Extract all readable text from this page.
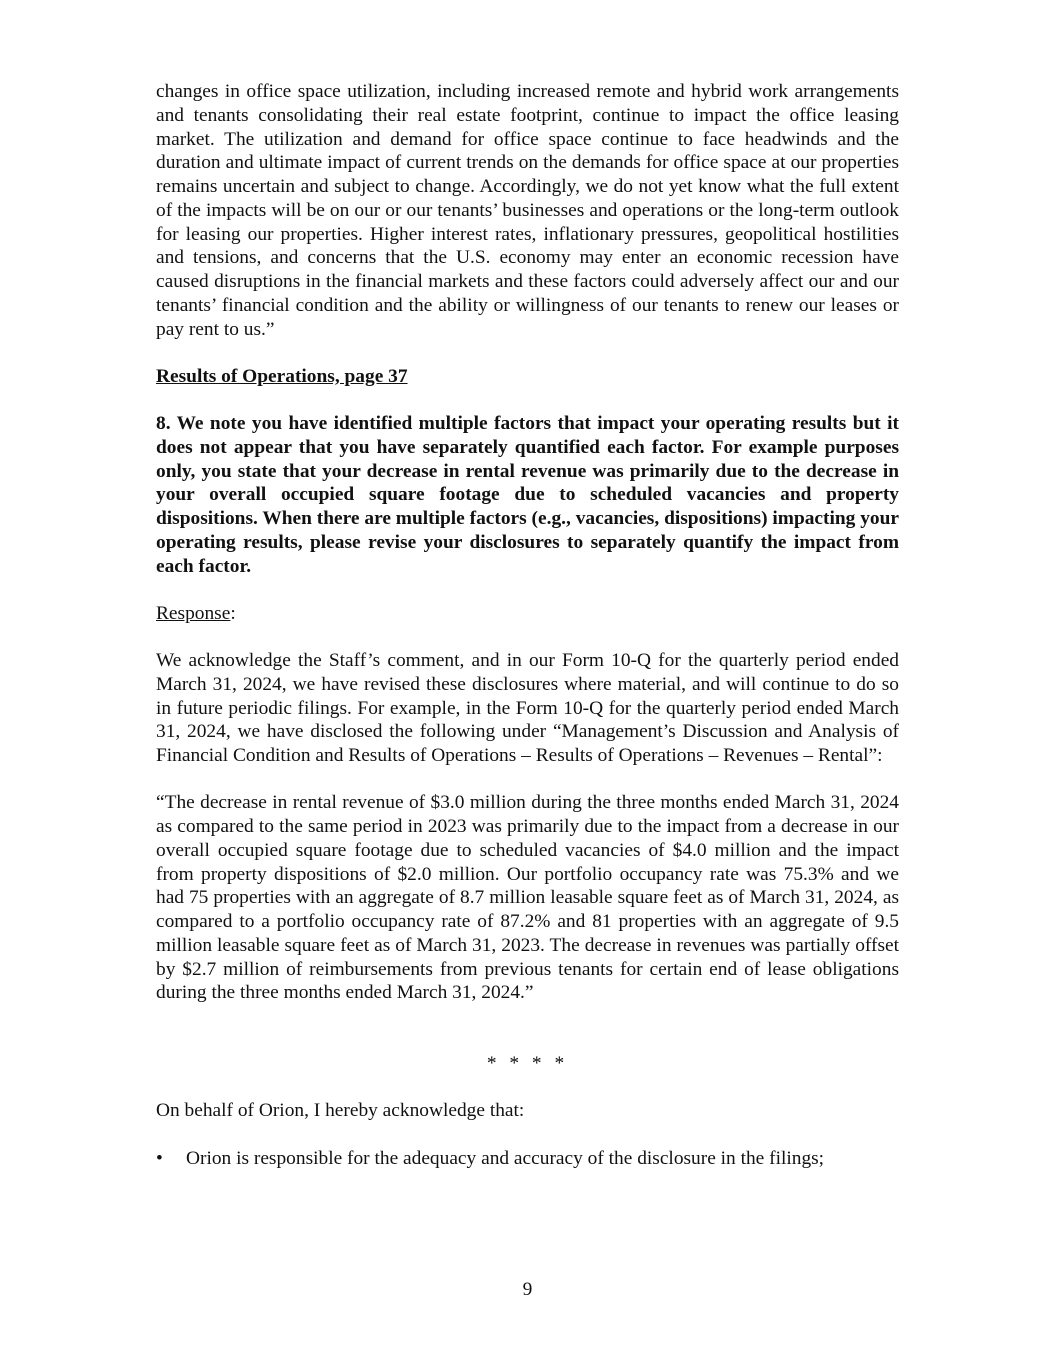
changes in office space utilization, including increased remote and hybrid work arrangements and tenants consolidating their real estate footprint, continue to impact the office leasing market. The utilization and demand for office space continue to face headwinds and the duration and ultimate impact of current trends on the demands for office space at our properties remains uncertain and subject to change. Accordingly, we do not yet know what the full extent of the impacts will be on our or our tenants’ businesses and operations or the long-term outlook for leasing our properties. Higher interest rates, inflationary pressures, geopolitical hostilities and tensions, and concerns that the U.S. economy may enter an economic recession have caused disruptions in the financial markets and these factors could adversely affect our and our tenants’ financial condition and the ability or willingness of our tenants to renew our leases or pay rent to us.”

Results of Operations, page 37

8. We note you have identified multiple factors that impact your operating results but it does not appear that you have separately quantified each factor. For example purposes only, you state that your decrease in rental revenue was primarily due to the decrease in your overall occupied square footage due to scheduled vacancies and property dispositions. When there are multiple factors (e.g., vacancies, dispositions) impacting your operating results, please revise your disclosures to separately quantify the impact from each factor.

Response:

We acknowledge the Staff’s comment, and in our Form 10-Q for the quarterly period ended March 31, 2024, we have revised these disclosures where material, and will continue to do so in future periodic filings. For example, in the Form 10-Q for the quarterly period ended March 31, 2024, we have disclosed the following under “Management’s Discussion and Analysis of Financial Condition and Results of Operations – Results of Operations – Revenues – Rental”:

“The decrease in rental revenue of $3.0 million during the three months ended March 31, 2024 as compared to the same period in 2023 was primarily due to the impact from a decrease in our overall occupied square footage due to scheduled vacancies of $4.0 million and the impact from property dispositions of $2.0 million. Our portfolio occupancy rate was 75.3% and we had 75 properties with an aggregate of 8.7 million leasable square feet as of March 31, 2024, as compared to a portfolio occupancy rate of 87.2% and 81 properties with an aggregate of 9.5 million leasable square feet as of March 31, 2023. The decrease in revenues was partially offset by $2.7 million of reimbursements from previous tenants for certain end of lease obligations during the three months ended March 31, 2024.”

* * * *

On behalf of Orion, I hereby acknowledge that:

•	Orion is responsible for the adequacy and accuracy of the disclosure in the filings;
9
